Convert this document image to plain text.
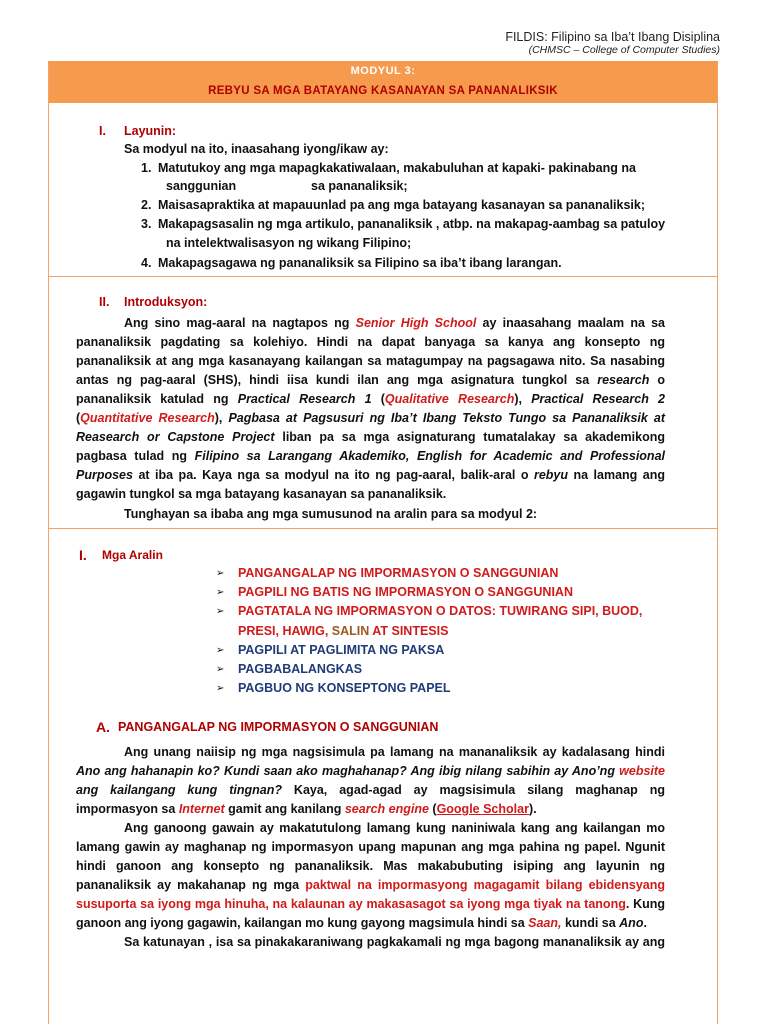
FILDIS: Filipino sa Iba’t Ibang Disiplina
(CHMSC – College of Computer Studies)
MODYUL 3:
REBYU SA MGA BATAYANG KASANAYAN SA PANANALIKSIK
I. Layunin:
Sa modyul na ito, inaasahang iyong/ikaw ay:
1. Matutukoy ang mga mapagkakatiwalaan, makabuluhan at kapaki- pakinabang na
sanggunian	sa pananaliksik;
2. Maisasapraktika at mapauunlad pa ang mga batayang kasanayan sa pananaliksik;
3. Makapagsasalin ng mga artikulo, pananaliksik , atbp. na makapag-aambag sa patuloy
na intelektwalisasyon ng wikang Filipino;
4. Makapagsagawa ng pananaliksik sa Filipino sa iba’t ibang larangan.
II. Introduksyon:
Ang sino mag-aaral na nagtapos ng Senior High School ay inaasahang maalam na sa
pananaliksik pagdating sa kolehiyo. Hindi na dapat banyaga sa kanya ang konsepto ng
pananaliksik at ang mga kasanayang kailangan sa matagumpay na pagsagawa nito. Sa nasabing
antas ng pag-aaral (SHS), hindi iisa kundi ilan ang mga asignatura tungkol sa research o
pananaliksik katulad ng Practical Research 1 (Qualitative Research), Practical Research 2
(Quantitative Research), Pagbasa at Pagsusuri ng Iba’t Ibang Teksto Tungo sa Pananaliksik at
Reasearch or Capstone Project liban pa sa mga asignaturang tumatalakay sa akademikong
pagbasa tulad ng Filipino sa Larangang Akademiko, English for Academic and Professional
Purposes at iba pa. Kaya nga sa modyul na ito ng pag-aaral, balik-aral o rebyu na lamang ang
gagawin tungkol sa mga batayang kasanayan sa pananaliksik.
Tunghayan sa ibaba ang mga sumusunod na aralin para sa modyul 2:
I. Mga Aralin
➢ PANGANGALAP NG IMPORMASYON O SANGGUNIAN
➢ PAGPILI NG BATIS NG IMPORMASYON O SANGGUNIAN
➢ PAGTATALA NG IMPORMASYON O DATOS: TUWIRANG SIPI, BUOD,
PRESI, HAWIG, SALIN AT SINTESIS
➢ PAGPILI AT PAGLIMITA NG PAKSA
➢ PAGBABALANGKAS
➢ PAGBUO NG KONSEPTONG PAPEL
A. PANGANGALAP NG IMPORMASYON O SANGGUNIAN
Ang unang naiisip ng mga nagsisimula pa lamang na mananaliksik ay kadalasang hindi
Ano ang hahanapin ko? Kundi saan ako maghahanap? Ang ibig nilang sabihin ay Ano’ng website
ang kailangang kung tingnan? Kaya, agad-agad ay magsisimula silang maghanap ng
impormasyon sa Internet gamit ang kanilang search engine (Google Scholar).
Ang ganoong gawain ay makatutulong lamang kung naniniwala kang ang kailangan mo
lamang gawin ay maghanap ng impormasyon upang mapunan ang mga pahina ng papel. Ngunit
hindi ganoon ang konsepto ng pananaliksik. Mas makabubuting isiping ang layunin ng
pananaliksik ay makahanap ng mga paktwal na impormasyong magagamit bilang ebidensyang
susuporta sa iyong mga hinuha, na kalaunan ay makasasagot sa iyong mga tiyak na tanong. Kung
ganoon ang iyong gagawin, kailangan mo kung gayong magsimula hindi sa Saan, kundi sa Ano.
Sa katunayan , isa sa pinakakaraniwang pagkakamali ng mga bagong mananaliksik ay ang
